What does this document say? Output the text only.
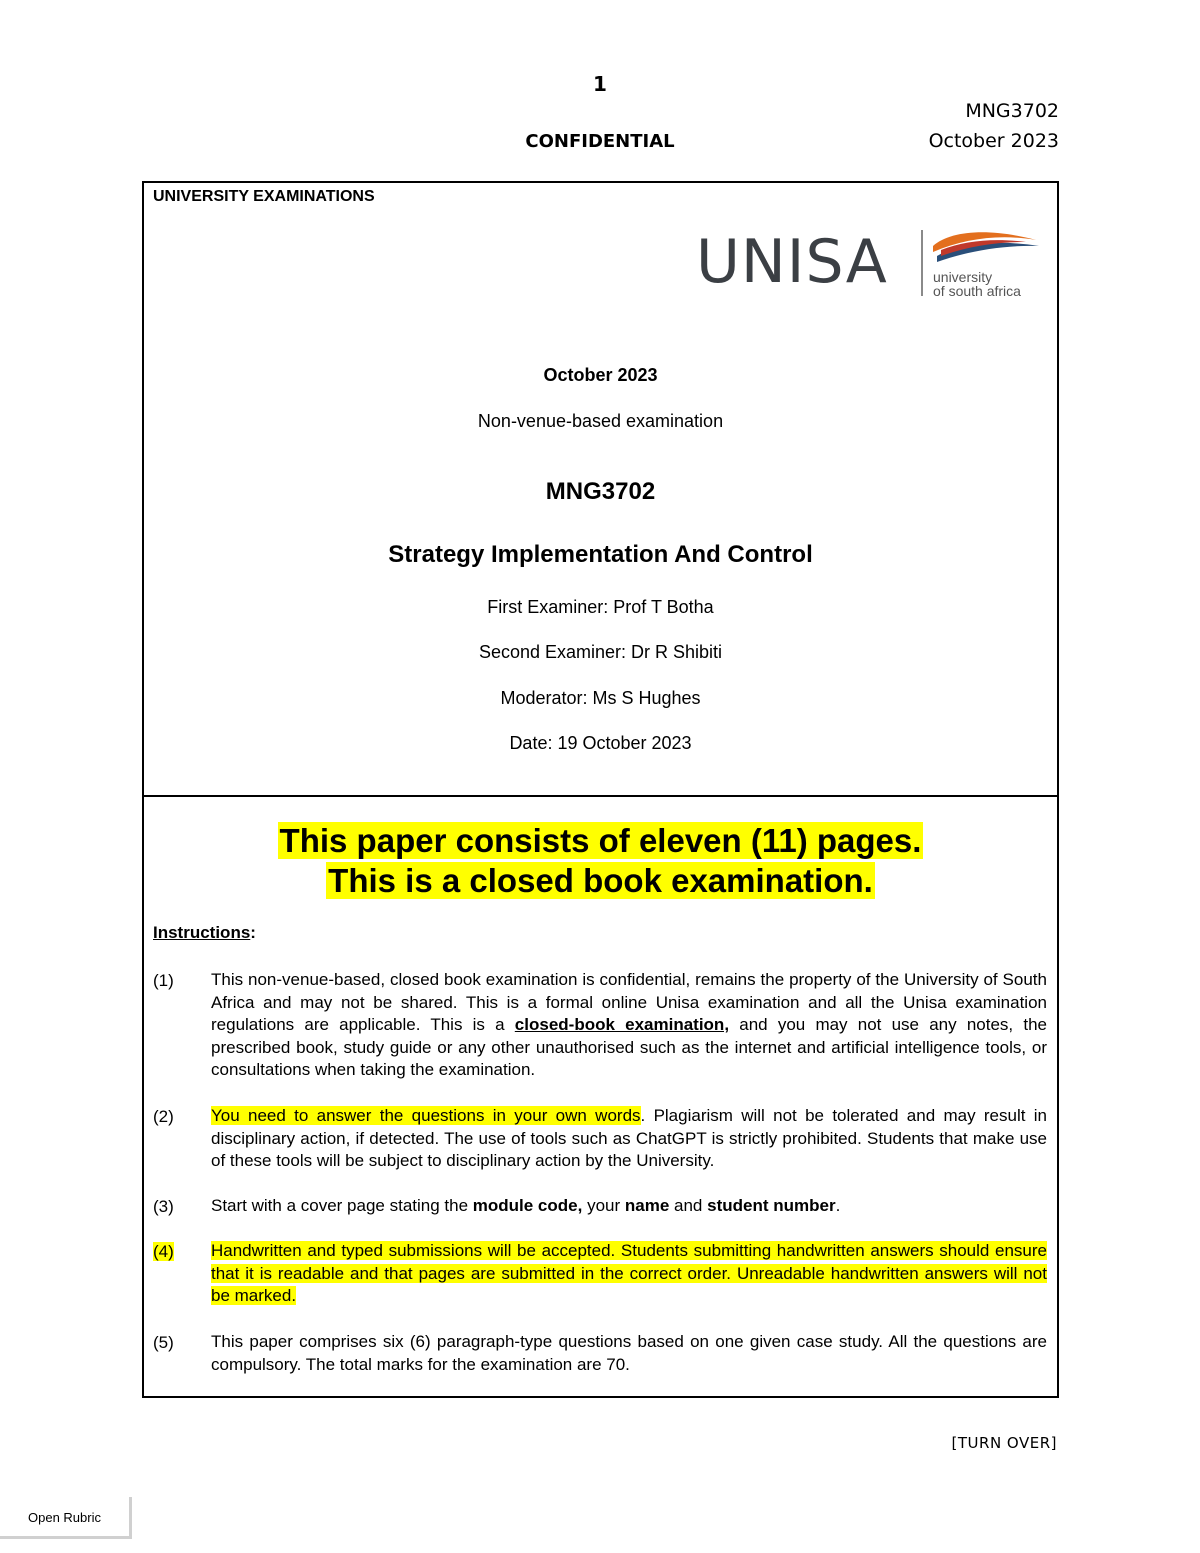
1
MNG3702
CONFIDENTIAL	October 2023
UNIVERSITY EXAMINATIONS
UNISA	university
of south africa
October 2023
Non-venue-based examination
MNG3702
Strategy Implementation And Control
First Examiner: Prof T Botha
Second Examiner: Dr R Shibiti
Moderator: Ms S Hughes
Date: 19 October 2023
This paper consists of eleven (11) pages.
This is a closed book examination.
Instructions:
(1) This non-venue-based, closed book examination is confidential, remains the property of the University of South Africa and may not be shared. This is a formal online Unisa examination and all the Unisa examination regulations are applicable. This is a closed-book examination, and you may not use any notes, the prescribed book, study guide or any other unauthorised such as the internet and artificial intelligence tools, or consultations when taking the examination.
(2) You need to answer the questions in your own words. Plagiarism will not be tolerated and may result in disciplinary action, if detected. The use of tools such as ChatGPT is strictly prohibited. Students that make use of these tools will be subject to disciplinary action by the University.
(3) Start with a cover page stating the module code, your name and student number.
(4) Handwritten and typed submissions will be accepted. Students submitting handwritten answers should ensure that it is readable and that pages are submitted in the correct order. Unreadable handwritten answers will not be marked.
(5) This paper comprises six (6) paragraph-type questions based on one given case study. All the questions are compulsory. The total marks for the examination are 70.
[TURN OVER]
Open Rubric
